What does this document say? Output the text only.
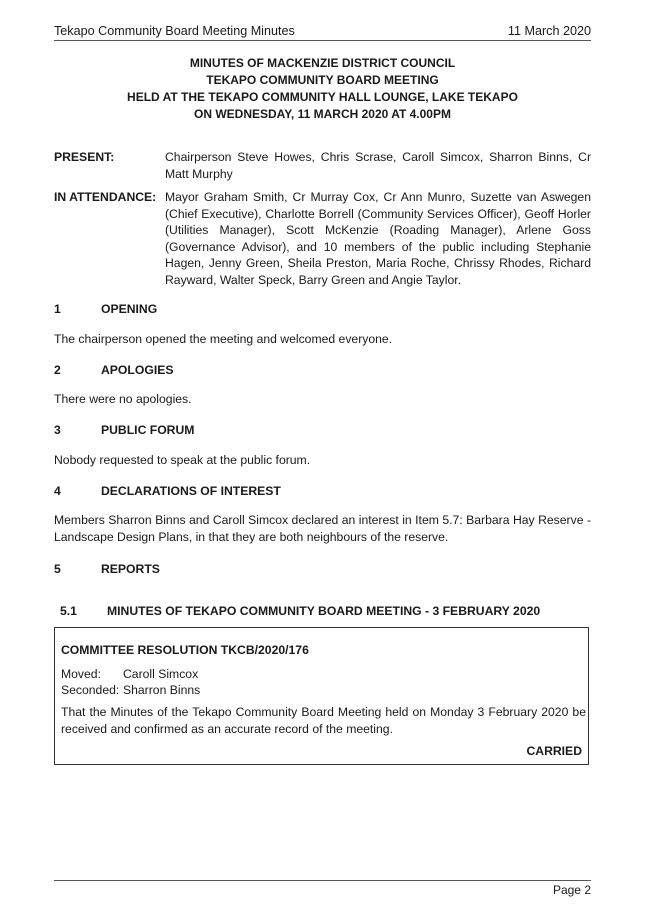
Tekapo Community Board Meeting Minutes	11 March 2020
MINUTES OF MACKENZIE DISTRICT COUNCIL
TEKAPO COMMUNITY BOARD MEETING
HELD AT THE TEKAPO COMMUNITY HALL LOUNGE, LAKE TEKAPO
ON WEDNESDAY, 11 MARCH 2020 AT 4.00PM
PRESENT:	Chairperson Steve Howes, Chris Scrase, Caroll Simcox, Sharron Binns, Cr Matt Murphy
IN ATTENDANCE: Mayor Graham Smith, Cr Murray Cox, Cr Ann Munro, Suzette van Aswegen (Chief Executive), Charlotte Borrell (Community Services Officer), Geoff Horler (Utilities Manager), Scott McKenzie (Roading Manager), Arlene Goss (Governance Advisor), and 10 members of the public including Stephanie Hagen, Jenny Green, Sheila Preston, Maria Roche, Chrissy Rhodes, Richard Rayward, Walter Speck, Barry Green and Angie Taylor.
1	OPENING
The chairperson opened the meeting and welcomed everyone.
2	APOLOGIES
There were no apologies.
3	PUBLIC FORUM
Nobody requested to speak at the public forum.
4	DECLARATIONS OF INTEREST
Members Sharron Binns and Caroll Simcox declared an interest in Item 5.7: Barbara Hay Reserve - Landscape Design Plans, in that they are both neighbours of the reserve.
5	REPORTS
5.1	MINUTES OF TEKAPO COMMUNITY BOARD MEETING - 3 FEBRUARY 2020
COMMITTEE RESOLUTION TKCB/2020/176
Moved:	Caroll Simcox
Seconded: Sharron Binns
That the Minutes of the Tekapo Community Board Meeting held on Monday 3 February 2020 be received and confirmed as an accurate record of the meeting.
CARRIED
Page 2
